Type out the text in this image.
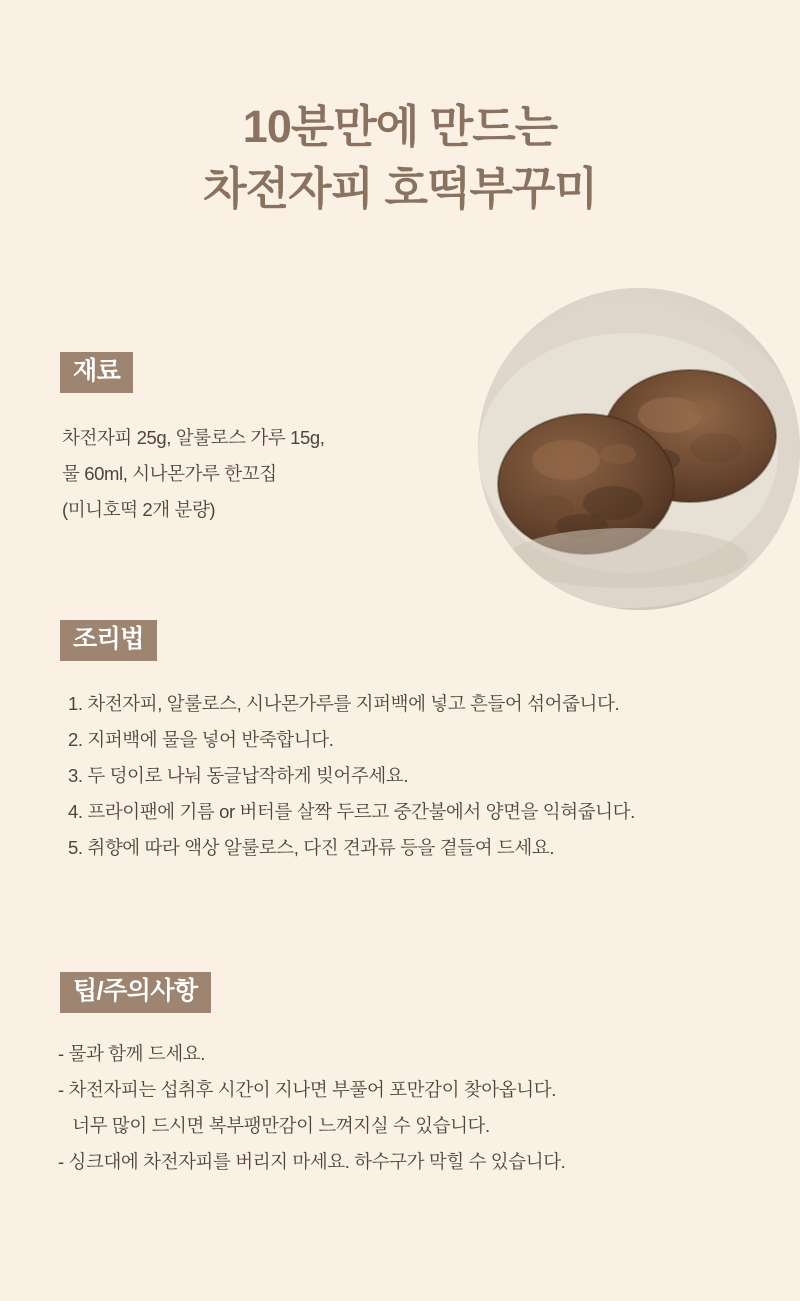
10분만에 만드는
차전자피 호떡부꾸미
재료

차전자피 25g, 알룰로스 가루 15g,

물 60ml, 시나몬가루 한꼬집

(미니호떡 2개 분량)

조리법

1. 차전자피, 알룰로스, 시나몬가루를 지퍼백에 넣고 흔들어 섞어줍니다.

2. 지퍼백에 물을 넣어 반죽합니다.

3. 두 덩이로 나눠 동글납작하게 빚어주세요.

4. 프라이팬에 기름 or 버터를 살짝 두르고 중간불에서 양면을 익혀줍니다.

5. 취향에 따라 액상 알룰로스, 다진 견과류 등을 곁들여 드세요.

팁/주의사항

- 물과 함께 드세요.

- 차전자피는 섭취후 시간이 지나면 부풀어 포만감이 찾아옵니다.

너무 많이 드시면 복부팽만감이 느껴지실 수 있습니다.

- 싱크대에 차전자피를 버리지 마세요. 하수구가 막힐 수 있습니다.
